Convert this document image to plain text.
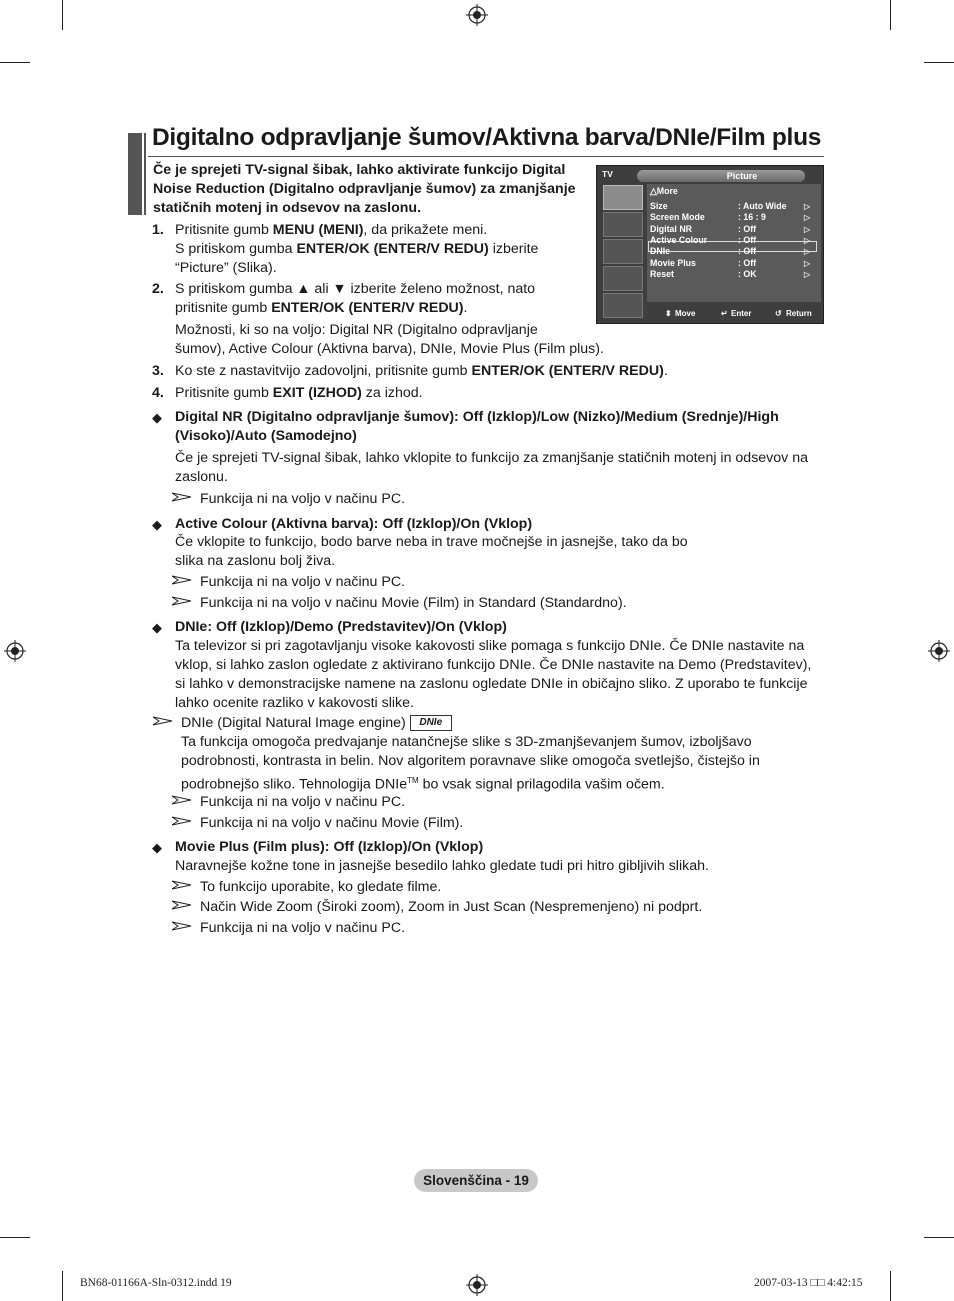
Digitalno odpravljanje šumov/Aktivna barva/DNIe/Film plus
Če je sprejeti TV-signal šibak, lahko aktivirate funkcijo Digital Noise Reduction (Digitalno odpravljanje šumov) za zmanjšanje statičnih motenj in odsevov na zaslonu.
1. Pritisnite gumb MENU (MENI), da prikažete meni.
S pritiskom gumba ENTER/OK (ENTER/V REDU) izberite
“Picture” (Slika).
2. S pritiskom gumba ▲ ali ▼ izberite želeno možnost, nato
pritisnite gumb ENTER/OK (ENTER/V REDU).
Možnosti, ki so na voljo: Digital NR (Digitalno odpravljanje
šumov), Active Colour (Aktivna barva), DNIe, Movie Plus (Film plus).
3. Ko ste z nastavitvijo zadovoljni, pritisnite gumb ENTER/OK (ENTER/V REDU).
4. Pritisnite gumb EXIT (IZHOD) za izhod.
◆ Digital NR (Digitalno odpravljanje šumov): Off (Izklop)/Low (Nizko)/Medium (Srednje)/High
(Visoko)/Auto (Samodejno)
Če je sprejeti TV-signal šibak, lahko vklopite to funkcijo za zmanjšanje statičnih motenj in odsevov na
zaslonu.
Funkcija ni na voljo v načinu PC.
◆ Active Colour (Aktivna barva): Off (Izklop)/On (Vklop)
Če vklopite to funkcijo, bodo barve neba in trave močnejše in jasnejše, tako da bo
slika na zaslonu bolj živa.
Funkcija ni na voljo v načinu PC.
Funkcija ni na voljo v načinu Movie (Film) in Standard (Standardno).
◆ DNIe: Off (Izklop)/Demo (Predstavitev)/On (Vklop)
Ta televizor si pri zagotavljanju visoke kakovosti slike pomaga s funkcijo DNIe. Če DNIe nastavite na
vklop, si lahko zaslon ogledate z aktivirano funkcijo DNIe. Če DNIe nastavite na Demo (Predstavitev),
si lahko v demonstracijske namene na zaslonu ogledate DNIe in običajno sliko. Z uporabo te funkcije
lahko ocenite razliko v kakovosti slike.
DNIe (Digital Natural Image engine) DNIe
Ta funkcija omogoča predvajanje natančnejše slike s 3D-zmanjševanjem šumov, izboljšavo
podrobnosti, kontrasta in belin. Nov algoritem poravnave slike omogoča svetlejšo, čistejšo in
podrobnejšo sliko. Tehnologija DNIe™ bo vsak signal prilagodila vašim očem.
Funkcija ni na voljo v načinu PC.
Funkcija ni na voljo v načinu Movie (Film).
◆ Movie Plus (Film plus): Off (Izklop)/On (Vklop)
Naravnejše kožne tone in jasnejše besedilo lahko gledate tudi pri hitro gibljivih slikah.
To funkcijo uporabite, ko gledate filme.
Način Wide Zoom (Široki zoom), Zoom in Just Scan (Nespremenjeno) ni podprt.
Funkcija ni na voljo v načinu PC.
TV	Picture
△More
Size	: Auto Wide ▷
Screen Mode	: 16 : 9	▷
Digital NR	: Off	▷
Active Colour	: Off	▷
DNIe	: Off	▷
Movie Plus	: Off	▷
Reset	: OK	▷
⬍ Move	↵ Enter	↺ Return
Slovenščina - 19
BN68-01166A-Sln-0312.indd 19	2007-03-13 □□ 4:42:15
